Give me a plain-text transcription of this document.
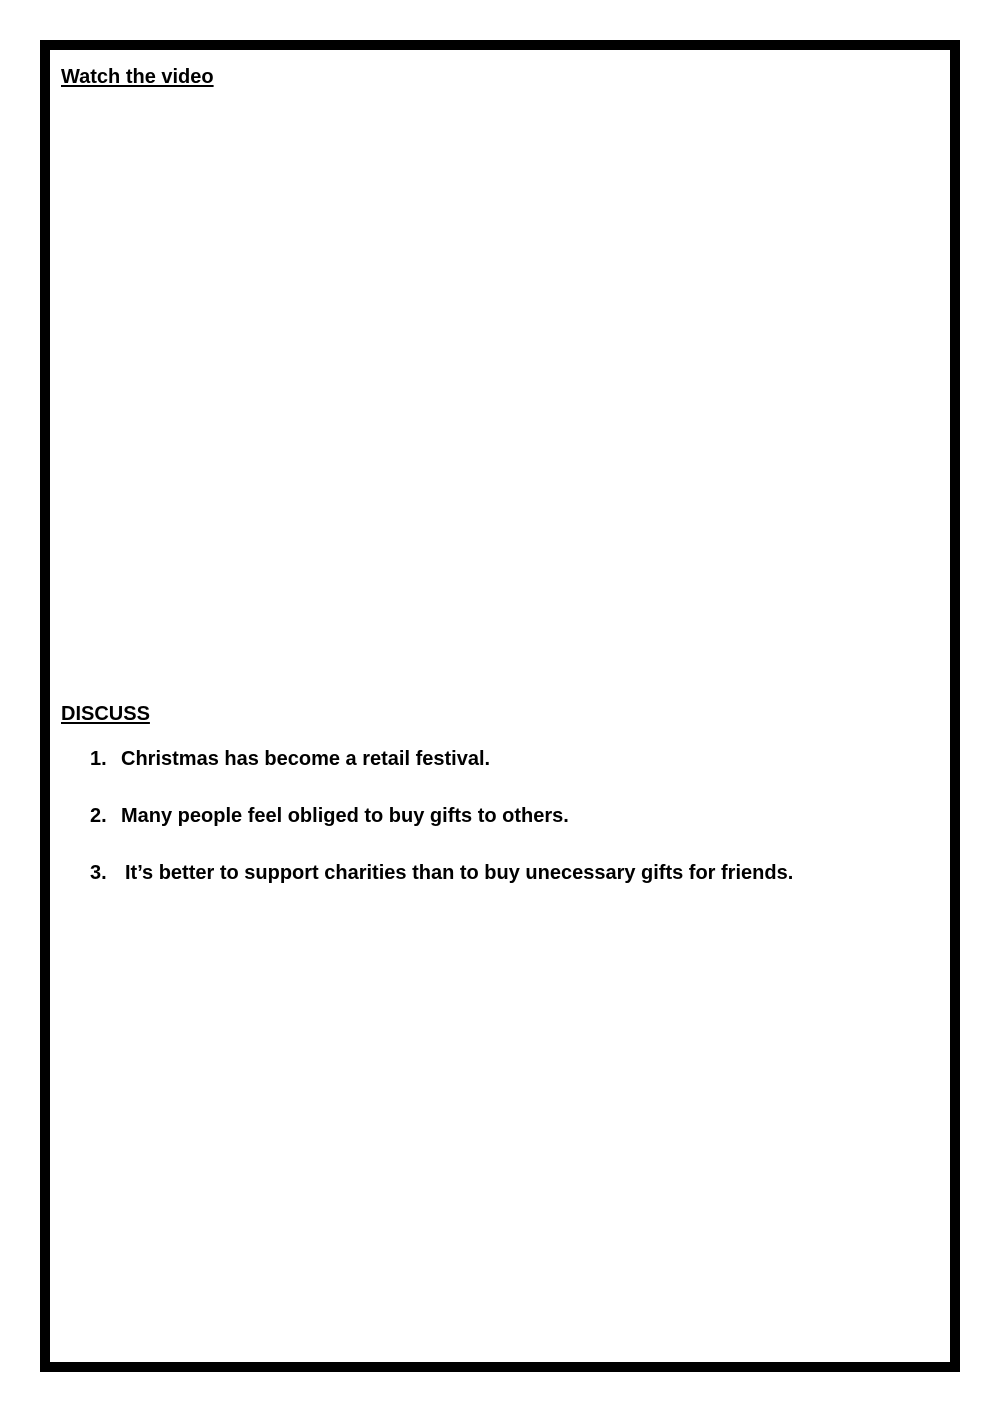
Watch the video
DISCUSS
1. Christmas has become a retail festival.
2. Many people feel obliged to buy gifts to others.
3. It’s better to support charities than to buy unecessary gifts for friends.
